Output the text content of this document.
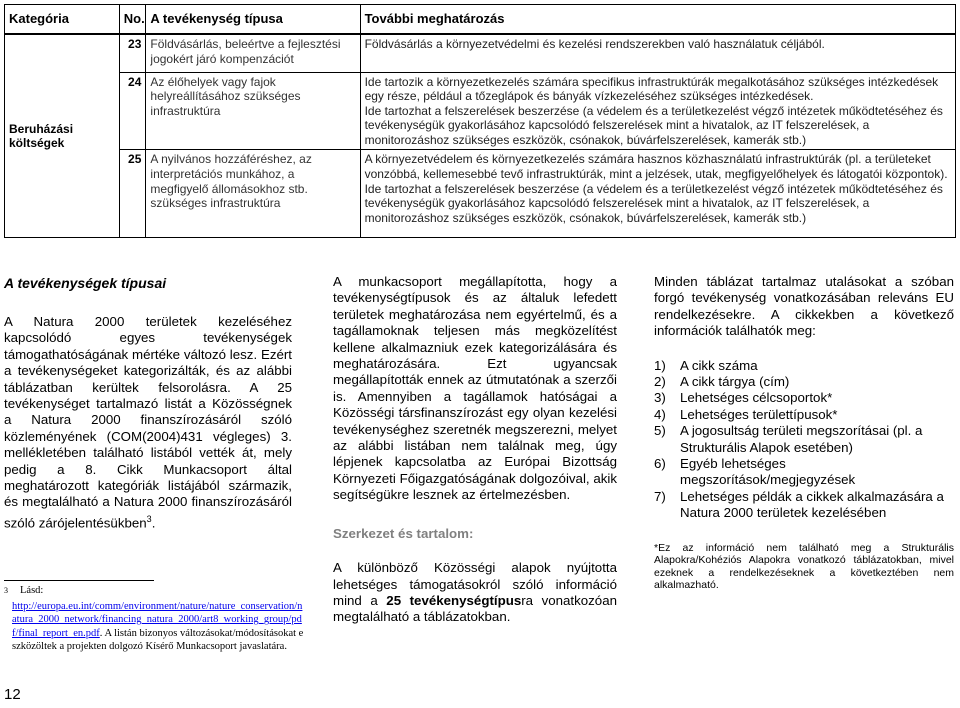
Kategória	No.	A tevékenység típusa	További meghatározás
Beruházási költségek	23	Földvásárlás, beleértve a fejlesztési jogokért járó kompenzációt	Földvásárlás a környezetvédelmi és kezelési rendszerekben való használatuk céljából.

	24	Az élőhelyek vagy fajok helyreállításához szükséges infrastruktúra	Ide tartozik a környezetkezelés számára specifikus infrastruktúrák megalkotásához szükséges intézkedések egy része, például a tőzeglápok és bányák vízkezeléséhez szükséges intézkedések.
Ide tartozhat a felszerelések beszerzése (a védelem és a területkezelést végző intézetek működtetéséhez és tevékenységük gyakorlásához kapcsolódó felszerelések mint a hivatalok, az IT felszerelések, a monitorozáshoz szükséges eszközök, csónakok, búvárfelszerelések, kamerák stb.)

	25	A nyilvános hozzáféréshez, az interpretációs munkához, a megfigyelő állomásokhoz stb. szükséges infrastruktúra	A környezetvédelem és környezetkezelés számára hasznos közhasználatú infrastruktúrák (pl. a területeket vonzóbbá, kellemesebbé tevő infrastruktúrák, mint a jelzések, utak, megfigyelőhelyek és látogatói központok).
Ide tartozhat a felszerelések beszerzése (a védelem és a területkezelést végző intézetek működtetéséhez és tevékenységük gyakorlásához kapcsolódó felszerelések mint a hivatalok, az IT felszerelések, a monitorozáshoz szükséges eszközök, csónakok, búvárfelszerelések, kamerák stb.)
A tevékenységek típusai

A Natura 2000 területek kezeléséhez kapcsolódó egyes tevékenységek támogathatóságának mértéke változó lesz. Ezért a tevékenységeket kategorizálták, és az alábbi táblázatban kerültek felsorolásra. A 25 tevékenységet tartalmazó listát a Közösségnek a Natura 2000 finanszírozásáról szóló közleményének (COM(2004)431 végleges) 3. mellékletében található listából vették át, mely pedig a 8. Cikk Munkacsoport által meghatározott kategóriák listájából származik, és megtalálható a Natura 2000 finanszírozásáról szóló zárójelentésükben$^3$.

3	Lásd:
http://europa.eu.int/comm/environment/nature/nature_conservation/natura_2000_network/financing_natura_2000/art8_working_group/pdf/final_report_en.pdf. A listán bizonyos változásokat/módosításokat eszközöltek a projekten dolgozó Kísérő Munkacsoport javaslatára.
12

A munkacsoport megállapította, hogy a tevékenységtípusok és az általuk lefedett területek meghatározása nem egyértelmű, és a tagállamoknak teljesen más megközelítést kellene alkalmazniuk ezek kategorizálására és meghatározására. Ezt ugyancsak megállapították ennek az útmutatónak a szerzői is. Amennyiben a tagállamok hatóságai a Közösségi társfinanszírozást egy olyan kezelési tevékenységhez szeretnék megszerezni, melyet az alábbi listában nem találnak meg, úgy lépjenek kapcsolatba az Európai Bizottság Környezeti Főigazgatóságának dolgozóival, akik segítségükre lesznek az értelmezésben.

Szerkezet és tartalom:

A különböző Közösségi alapok nyújtotta lehetséges támogatásokról szóló információ mind a 25 tevékenységtípusra vonatkozóan megtalálható a táblázatokban.

Minden táblázat tartalmaz utalásokat a szóban forgó tevékenység vonatkozásában releváns EU rendelkezésekre. A cikkekben a következő információk találhatók meg:

1)	A cikk száma
2)	A cikk tárgya (cím)
3)	Lehetséges célcsoportok*
4)	Lehetséges területtípusok*
5)	A jogosultság területi megszorításai (pl. a Strukturális Alapok esetében)
6)	Egyéb lehetséges megszorítások/megjegyzések
7)	Lehetséges példák a cikkek alkalmazására a Natura 2000 területek kezelésében

*Ez az információ nem található meg a Strukturális Alapokra/Kohéziós Alapokra vonatkozó táblázatokban, mivel ezeknek a rendelkezéseknek a következtében nem alkalmazható.
